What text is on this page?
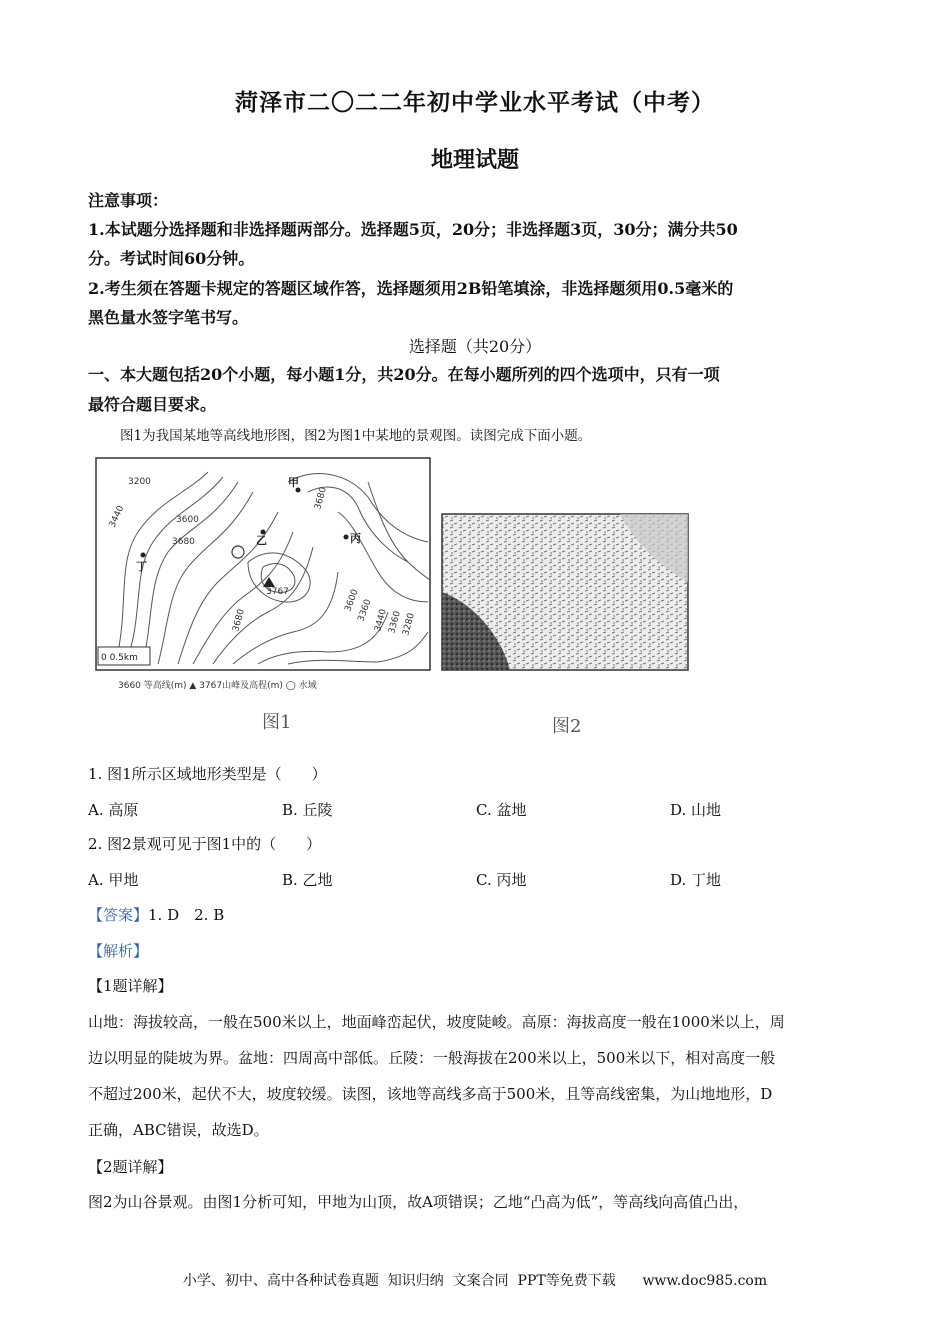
菏泽市二〇二二年初中学业水平考试（中考）
地理试题
注意事项：
1.本试题分选择题和非选择题两部分。选择题5页，20分；非选择题3页，30分；满分共50
分。考试时间60分钟。
2.考生须在答题卡规定的答题区域作答，选择题须用2B铅笔填涂，非选择题须用0.5毫米的
黑色量水签字笔书写。
选择题（共20分）
一、本大题包括20个小题，每小题1分，共20分。在每小题所列的四个选项中，只有一项
最符合题目要求。
图1为我国某地等高线地形图，图2为图1中某地的景观图。读图完成下面小题。
3200
3440	3600
3680
3680
3767
3440
3360
3280
3600
3360
3680
甲
乙	丙
丁
0 0.5km
3660 等高线(m) ▲ 3767山峰及高程(m) ◯ 水域
图1	图2
1. 图1所示区域地形类型是（　　）
A. 高原	B. 丘陵	C. 盆地	D. 山地
2. 图2景观可见于图1中的（　　）
A. 甲地	B. 乙地	C. 丙地	D. 丁地
【答案】1. D　2. B
【解析】
【1题详解】
山地：海拔较高，一般在500米以上，地面峰峦起伏，坡度陡峻。高原：海拔高度一般在1000米以上，周
边以明显的陡坡为界。盆地：四周高中部低。丘陵：一般海拔在200米以上，500米以下，相对高度一般
不超过200米，起伏不大，坡度较缓。读图，该地等高线多高于500米，且等高线密集，为山地地形，D
正确，ABC错误，故选D。
【2题详解】
图2为山谷景观。由图1分析可知，甲地为山顶，故A项错误；乙地“凸高为低”，等高线向高值凸出，
小学、初中、高中各种试卷真题  知识归纳  文案合同  PPT等免费下载      www.doc985.com
